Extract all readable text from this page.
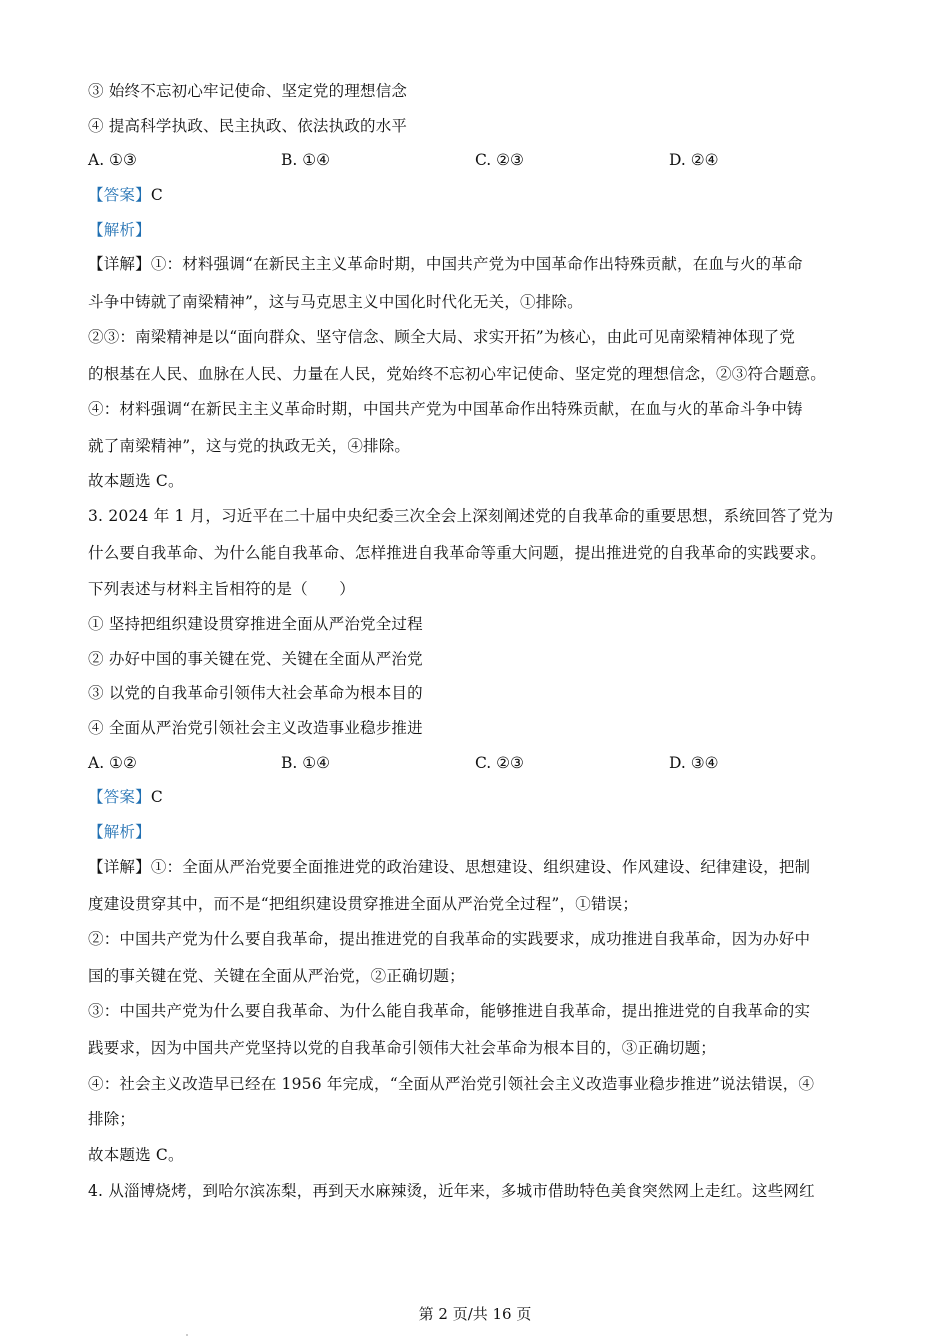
③ 始终不忘初心牢记使命、坚定党的理想信念
④ 提高科学执政、民主执政、依法执政的水平
A. ①③	B. ①④	C. ②③	D. ②④
【答案】C
【解析】
【详解】①：材料强调“在新民主主义革命时期，中国共产党为中国革命作出特殊贡献，在血与火的革命
斗争中铸就了南梁精神”，这与马克思主义中国化时代化无关，①排除。
②③：南梁精神是以“面向群众、坚守信念、顾全大局、求实开拓”为核心，由此可见南梁精神体现了党
的根基在人民、血脉在人民、力量在人民，党始终不忘初心牢记使命、坚定党的理想信念，②③符合题意。
④：材料强调“在新民主主义革命时期，中国共产党为中国革命作出特殊贡献，在血与火的革命斗争中铸
就了南梁精神”，这与党的执政无关，④排除。
故本题选 C。
3. 2024 年 1 月，习近平在二十届中央纪委三次全会上深刻阐述党的自我革命的重要思想，系统回答了党为
什么要自我革命、为什么能自我革命、怎样推进自我革命等重大问题，提出推进党的自我革命的实践要求。
下列表述与材料主旨相符的是（　　）
① 坚持把组织建设贯穿推进全面从严治党全过程
② 办好中国的事关键在党、关键在全面从严治党
③ 以党的自我革命引领伟大社会革命为根本目的
④ 全面从严治党引领社会主义改造事业稳步推进
A. ①②	B. ①④	C. ②③	D. ③④
【答案】C
【解析】
【详解】①：全面从严治党要全面推进党的政治建设、思想建设、组织建设、作风建设、纪律建设，把制
度建设贯穿其中，而不是“把组织建设贯穿推进全面从严治党全过程”，①错误；
②：中国共产党为什么要自我革命，提出推进党的自我革命的实践要求，成功推进自我革命，因为办好中
国的事关键在党、关键在全面从严治党，②正确切题；
③：中国共产党为什么要自我革命、为什么能自我革命，能够推进自我革命，提出推进党的自我革命的实
践要求，因为中国共产党坚持以党的自我革命引领伟大社会革命为根本目的，③正确切题；
④：社会主义改造早已经在 1956 年完成，“全面从严治党引领社会主义改造事业稳步推进”说法错误，④
排除；
故本题选 C。
4. 从淄博烧烤，到哈尔滨冻梨，再到天水麻辣烫，近年来，多城市借助特色美食突然网上走红。这些网红
第 2 页/共 16 页
